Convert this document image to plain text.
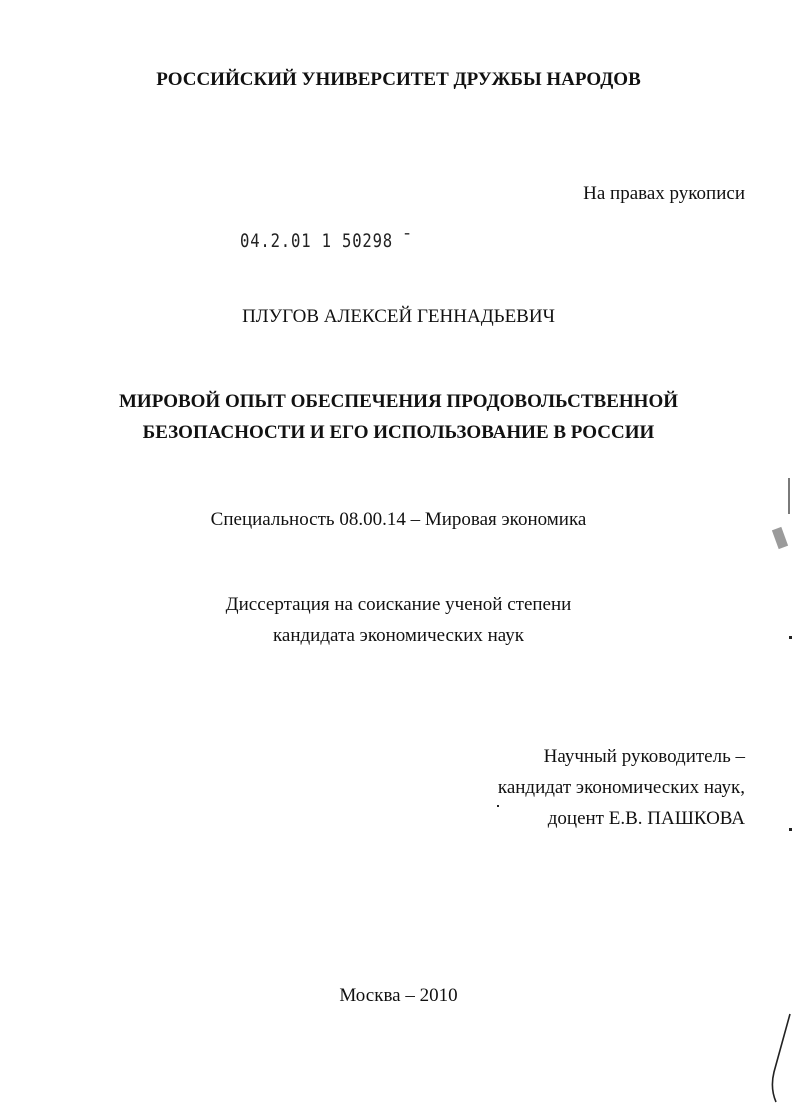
РОССИЙСКИЙ УНИВЕРСИТЕТ ДРУЖБЫ НАРОДОВ
На правах рукописи
04.2.01 1 50298 ̄
ПЛУГОВ АЛЕКСЕЙ ГЕННАДЬЕВИЧ
МИРОВОЙ ОПЫТ ОБЕСПЕЧЕНИЯ ПРОДОВОЛЬСТВЕННОЙ
БЕЗОПАСНОСТИ И ЕГО ИСПОЛЬЗОВАНИЕ В РОССИИ
Специальность 08.00.14 – Мировая экономика
Диссертация на соискание ученой степени
кандидата экономических наук
Научный руководитель –
кандидат экономических наук,
доцент Е.В. ПАШКОВА
Москва – 2010
